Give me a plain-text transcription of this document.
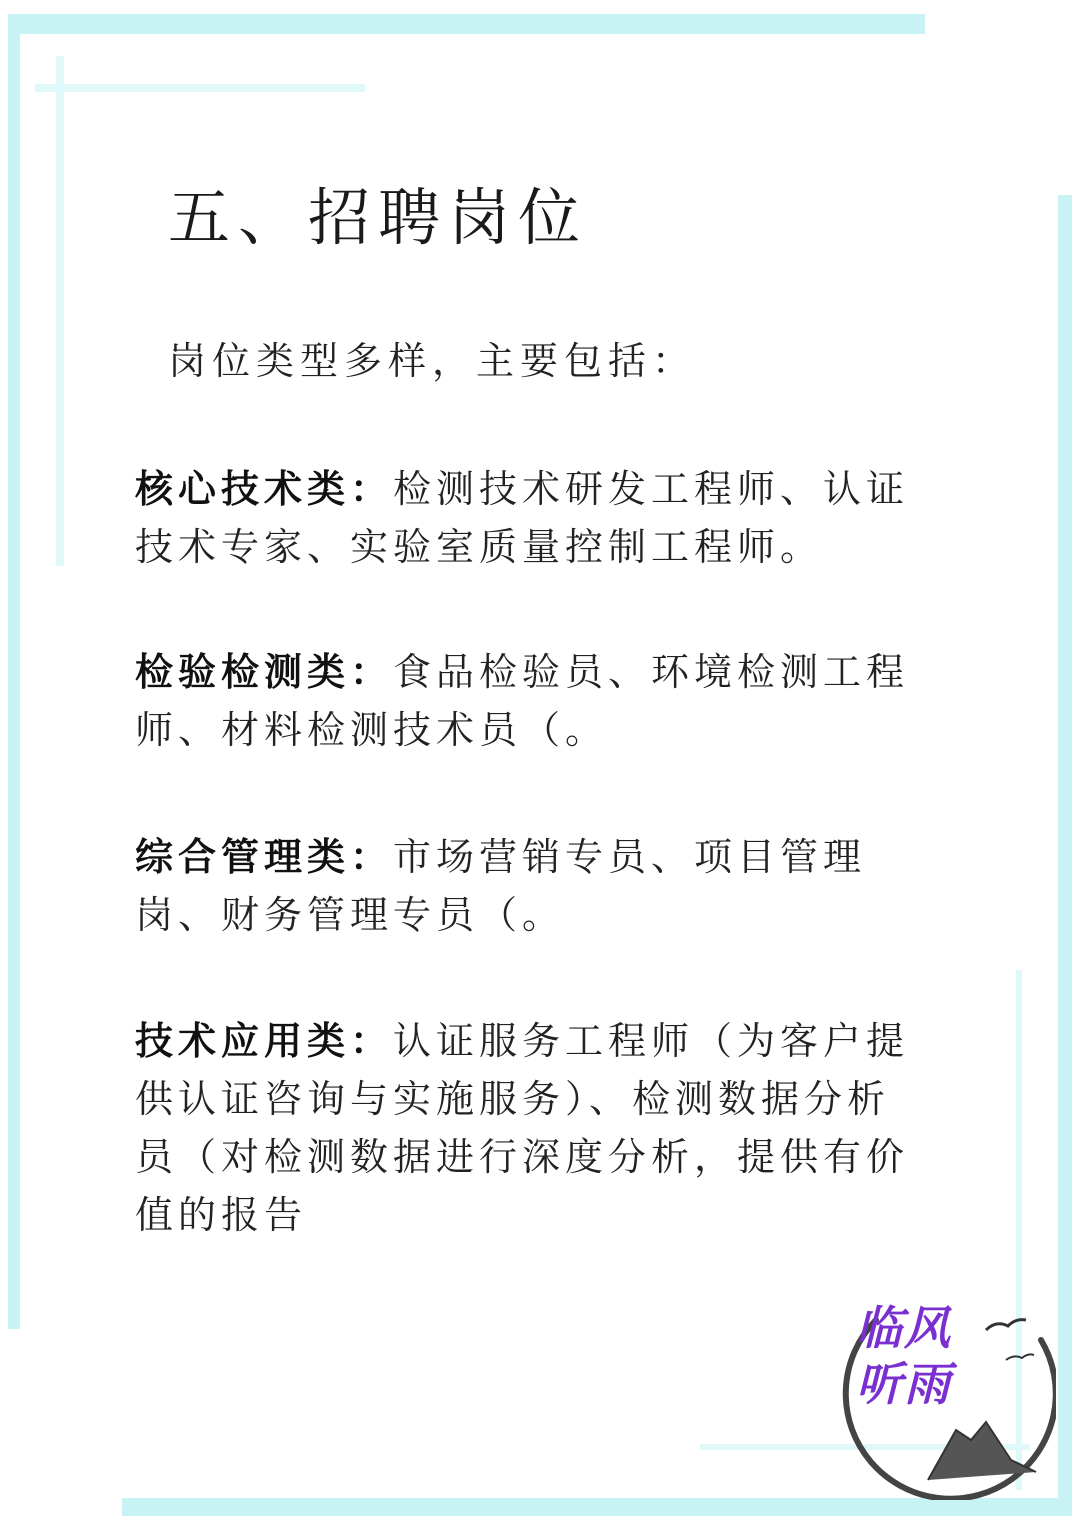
五、招聘岗位
岗位类型多样，主要包括：
核心技术类：检测技术研发工程师、认证技术专家、实验室质量控制工程师。
检验检测类：食品检验员、环境检测工程师、材料检测技术员（。
综合管理类：市场营销专员、项目管理岗、财务管理专员（。
技术应用类：认证服务工程师（为客户提供认证咨询与实施服务）、检测数据分析员（对检测数据进行深度分析，提供有价值的报告
临风
听雨
